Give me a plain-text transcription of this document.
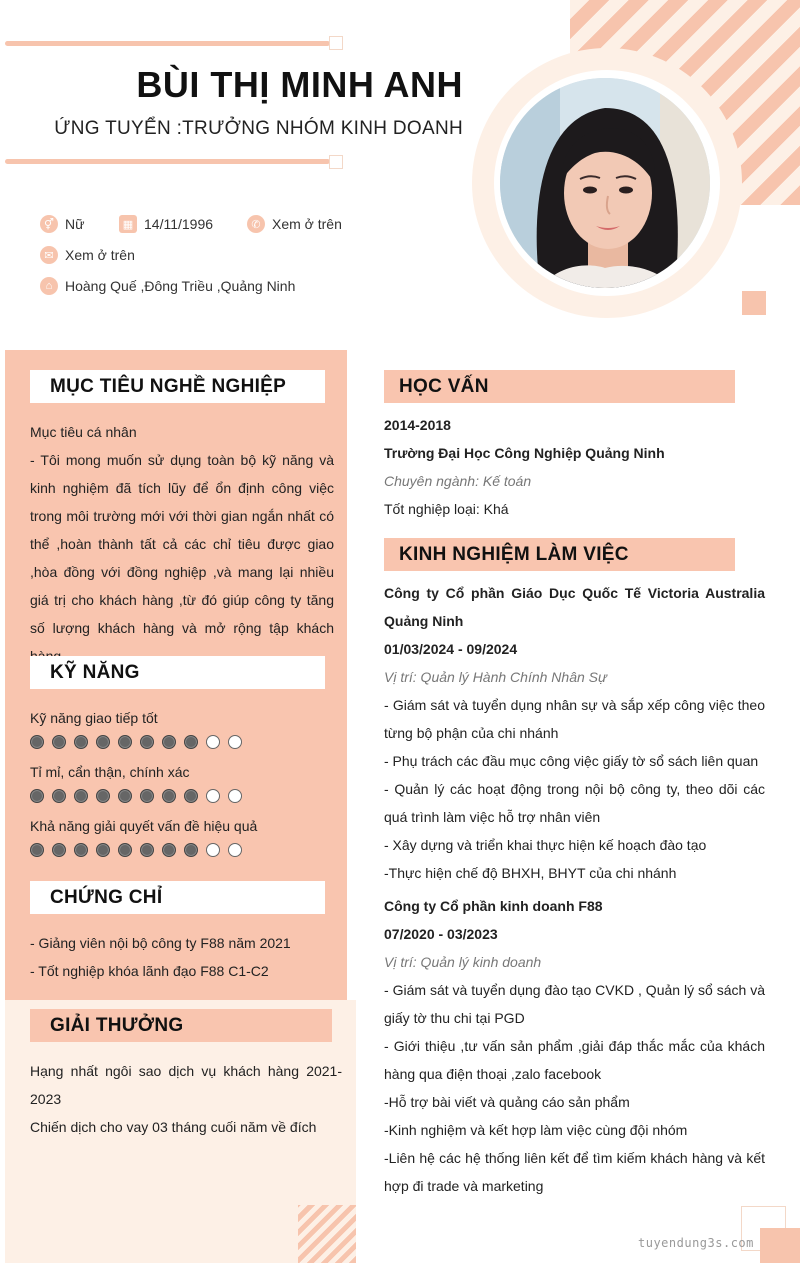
BÙI THỊ MINH ANH
ỨNG TUYỂN :TRƯỞNG NHÓM KINH DOANH
⚥ Nữ	▦ 14/11/1996	✆ Xem ở trên
✉ Xem ở trên
⌂ Hoàng Quế ,Đông Triều ,Quảng Ninh
MỤC TIÊU NGHỀ NGHIỆP
Mục tiêu cá nhân
- Tôi mong muốn sử dụng toàn bộ kỹ năng và kinh nghiệm đã tích lũy để ổn định công việc trong môi trường mới với thời gian ngắn nhất có thể ,hoàn thành tất cả các chỉ tiêu được giao ,hòa đồng với đồng nghiệp ,và mang lại nhiều giá trị cho khách hàng ,từ đó giúp công ty tăng số lượng khách hàng và mở rộng tập khách
KỸ NĂNG
Kỹ năng giao tiếp tốt
Tỉ mỉ, cẩn thận, chính xác
Khả năng giải quyết vấn đề hiệu quả
CHỨNG CHỈ
- Giảng viên nội bộ công ty F88 năm 2021
- Tốt nghiệp khóa lãnh đạo F88 C1-C2
GIẢI THƯỞNG
Hạng nhất ngôi sao dịch vụ khách hàng 2021-2023
Chiến dịch cho vay 03 tháng cuối năm về đích
HỌC VẤN
2014-2018
Trường Đại Học Công Nghiệp Quảng Ninh
Chuyên ngành: Kế toán
Tốt nghiệp loại: Khá
KINH NGHIỆM LÀM VIỆC
Công ty Cổ phần Giáo Dục Quốc Tế Victoria Australia Quảng Ninh
01/03/2024 - 09/2024
Vị trí: Quản lý Hành Chính Nhân Sự
- Giám sát và tuyển dụng nhân sự và sắp xếp công việc theo từng bộ phận của chi nhánh
- Phụ trách các đầu mục công việc giấy tờ sổ sách liên quan
- Quản lý các hoạt động trong nội bộ công ty, theo dõi các quá trình làm việc hỗ trợ nhân viên
- Xây dựng và triển khai thực hiện kế hoạch đào tạo
-Thực hiện chế độ BHXH, BHYT của chi nhánh
Công ty Cổ phần kinh doanh F88
07/2020 - 03/2023
Vị trí: Quản lý kinh doanh
- Giám sát và tuyển dụng đào tạo CVKD , Quản lý sổ sách và giấy tờ thu chi tại PGD
- Giới thiệu ,tư vấn sản phẩm ,giải đáp thắc mắc của khách hàng qua điện thoại ,zalo facebook
-Hỗ trợ bài viết và quảng cáo sản phẩm
-Kinh nghiệm và kết hợp làm việc cùng đội nhóm
-Liên hệ các hệ thống liên kết để tìm kiếm khách hàng và kết hợp đi trade và marketing
tuyendung3s.com
